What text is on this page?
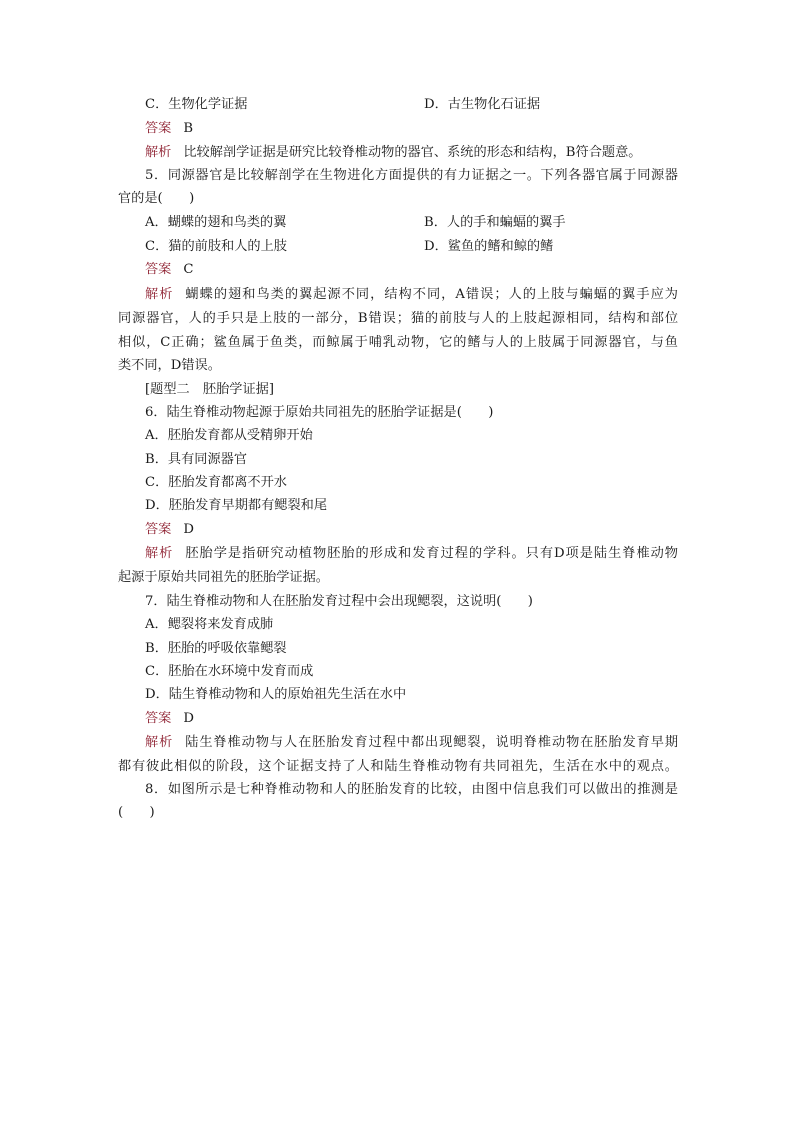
C．生物化学证据	D．古生物化石证据
答案 B
解析 比较解剖学证据是研究比较脊椎动物的器官、系统的形态和结构，B符合题意。
5．同源器官是比较解剖学在生物进化方面提供的有力证据之一。下列各器官属于同源器
官的是(　　)
A．蝴蝶的翅和鸟类的翼	B．人的手和蝙蝠的翼手
C．猫的前肢和人的上肢	D．鲨鱼的鳍和鲸的鳍
答案 C
解析 蝴蝶的翅和鸟类的翼起源不同，结构不同，A错误；人的上肢与蝙蝠的翼手应为
同源器官，人的手只是上肢的一部分，B错误；猫的前肢与人的上肢起源相同，结构和部位
相似，C正确；鲨鱼属于鱼类，而鲸属于哺乳动物，它的鳍与人的上肢属于同源器官，与鱼
类不同，D错误。
[题型二　胚胎学证据]
6．陆生脊椎动物起源于原始共同祖先的胚胎学证据是(　　)
A．胚胎发育都从受精卵开始
B．具有同源器官
C．胚胎发育都离不开水
D．胚胎发育早期都有鳃裂和尾
答案 D
解析 胚胎学是指研究动植物胚胎的形成和发育过程的学科。只有D项是陆生脊椎动物
起源于原始共同祖先的胚胎学证据。
7．陆生脊椎动物和人在胚胎发育过程中会出现鳃裂，这说明(　　)
A．鳃裂将来发育成肺
B．胚胎的呼吸依靠鳃裂
C．胚胎在水环境中发育而成
D．陆生脊椎动物和人的原始祖先生活在水中
答案 D
解析 陆生脊椎动物与人在胚胎发育过程中都出现鳃裂，说明脊椎动物在胚胎发育早期
都有彼此相似的阶段，这个证据支持了人和陆生脊椎动物有共同祖先，生活在水中的观点。
8．如图所示是七种脊椎动物和人的胚胎发育的比较，由图中信息我们可以做出的推测是
(　　)
